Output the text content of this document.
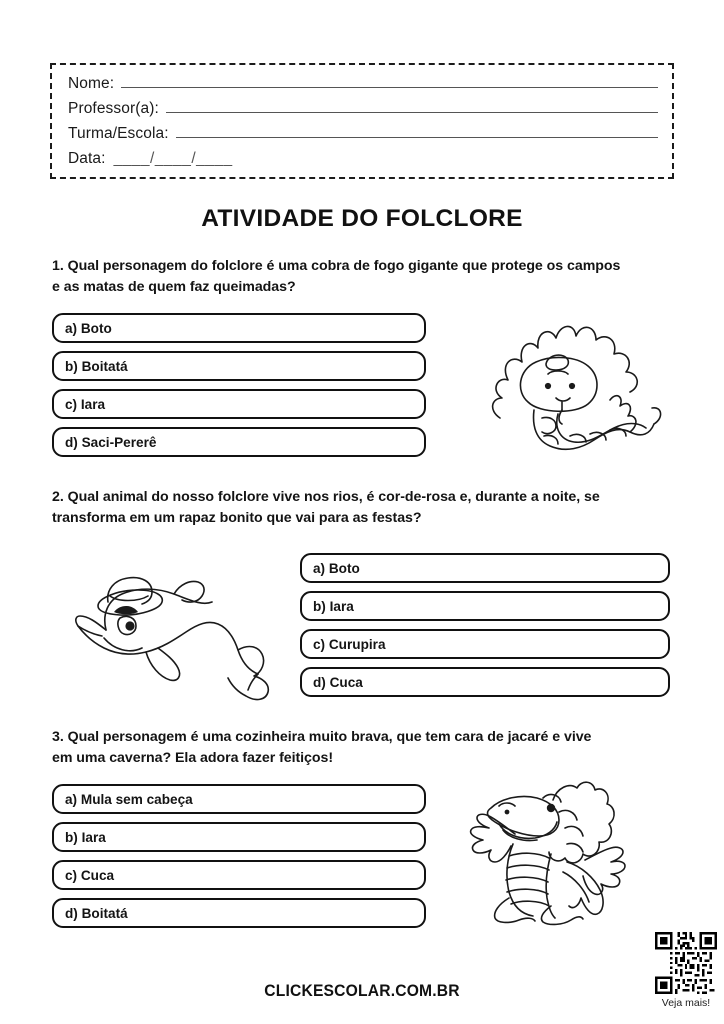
Nome:
Professor(a):
Turma/Escola:
Data: ____/____/____
ATIVIDADE DO FOLCLORE
1. Qual personagem do folclore é uma cobra de fogo gigante que protege os campos
e as matas de quem faz queimadas?
a) Boto
b) Boitatá
c) Iara
d) Saci-Pererê
2. Qual animal do nosso folclore vive nos rios, é cor-de-rosa e, durante a noite, se
transforma em um rapaz bonito que vai para as festas?
a) Boto
b) Iara
c) Curupira
d) Cuca
3. Qual personagem é uma cozinheira muito brava, que tem cara de jacaré e vive
em uma caverna? Ela adora fazer feitiços!
a) Mula sem cabeça
b) Iara
c) Cuca
d) Boitatá
CLICKESCOLAR.COM.BR
Veja mais!
